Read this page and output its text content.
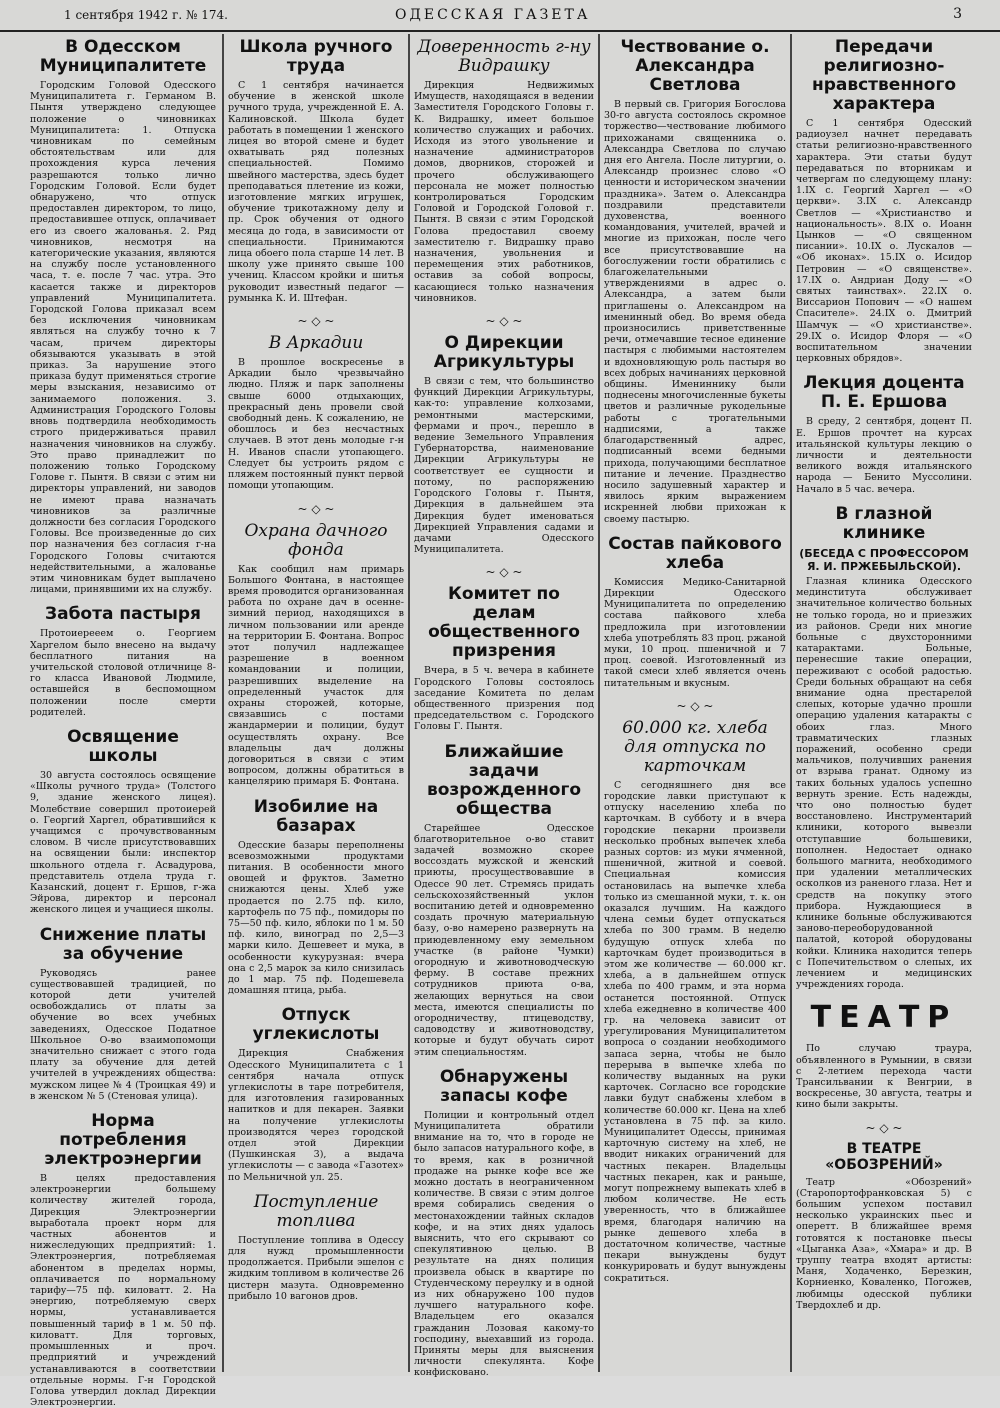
1 сентября 1942 г. № 174.	ОДЕССКАЯ ГАЗЕТА	3
В Одесском Муниципалитете

Городским Головой Одесского Муниципалитета г. Германом В. Пынтя утверждено следующее положение о чиновниках Муниципалитета: 1. Отпуска чиновникам по семейным обстоятельствам или для прохождения курса лечения разрешаются только лично Городским Головой. Если будет обнаружено, что отпуск предоставлен директором, то лицо, предоставившее отпуск, оплачивает его из своего жалованья. 2. Ряд чиновников, несмотря на категорические указания, являются на службу после установленного часа, т. е. после 7 час. утра. Это касается также и директоров управлений Муниципалитета. Городской Голова приказал всем без исключения чиновникам являться на службу точно к 7 часам, причем директоры обязываются указывать в этой приказ. За нарушение этого приказа будут применяться строгие меры взыскания, независимо от занимаемого положения. 3. Администрация Городского Головы вновь подтвердила необходимость строго придерживаться правил назначения чиновников на службу. Это право принадлежит по положению только Городскому Голове г. Пынтя. В связи с этим ни директоры управлений, ни заводов не имеют права назначать чиновников за различные должности без согласия Городского Головы. Все произведенные до сих пор назначения без согласия г-на Городского Головы считаются недействительными, а жалованье этим чиновникам будет выплачено лицами, принявшими их на службу.

Забота пастыря

Протоиерееем о. Георгием Харгелом было внесено на выдачу бесплатного питания на учительской столовой отличнице 8-го класса Ивановой Людмиле, оставшейся в беспомощном положении после смерти родителей.

Освящение школы

30 августа состоялось освящение «Школы ручного труда» (Толстого 9, здание женского лицея). Молебствие совершил протоиерей о. Георгий Харгел, обратившийся к учащимся с прочувствованным словом. В числе присутствовавших на освящении были: инспектор школьного отдела г. Асвадурова, представитель отдела труда г. Казанский, доцент г. Ершов, г-жа Эйрова, директор и персонал женского лицея и учащиеся школы.

Снижение платы за обучение

Руководясь ранее существовавшей традицией, по которой дети учителей освобождались от платы за обучение во всех учебных заведениях, Одесское Податное Школьное О-во взаимопомощи значительно снижает с этого года плату за обучение для детей учителей в учреждениях общества: мужском лицее № 4 (Троицкая 49) и в женском № 5 (Стеновая улица).

Норма потребления электроэнергии

В целях предоставления электроэнергии большему количеству жителей города, Дирекция Электроэнергии выработала проект норм для частных абонентов и нижеследующих предприятий: 1. Электроэнергия, потребляемая абонентом в пределах нормы, оплачивается по нормальному тарифу—75 пф. киловатт. 2. На энергию, потребляемую сверх нормы, устанавливается повышенный тариф в 1 м. 50 пф. киловатт. Для торговых, промышленных и проч. предприятий и учреждений устанавливаются в соответствии отдельные нормы. Г-н Городской Голова утвердил доклад Дирекции Электроэнергии.

Школа ручного труда

С 1 сентября начинается обучение в женской школе ручного труда, учрежденной Е. А. Калиновской. Школа будет работать в помещении 1 женского лицея во второй смене и будет охватывать ряд полезных специальностей. Помимо швейного мастерства, здесь будет преподаваться плетение из кожи, изготовление мягких игрушек, обучение трикотажному делу и пр. Срок обучения от одного месяца до года, в зависимости от специальности. Принимаются лица обоего пола старше 14 лет. В школу уже принято свыше 100 учениц. Классом кройки и шитья руководит известный педагог — румынка К. И. Штефан.

~ ◇ ~
В Аркадии

В прошлое воскресенье в Аркадии было чрезвычайно людно. Пляж и парк заполнены свыше 6000 отдыхающих, прекрасный день провели свой свободный день. К сожалению, не обошлось и без несчастных случаев. В этот день молодые г-н Н. Иванов спасли утопающего. Следует бы устроить рядом с пляжем постоянный пункт первой помощи утопающим.

~ ◇ ~
Охрана дачного фонда

Как сообщил нам примарь Большого Фонтана, в настоящее время проводится организованная работа по охране дач в осенне-зимний период, находящихся в личном пользовании или аренде на территории Б. Фонтана. Вопрос этот получил надлежащее разрешение в военном командовании и полиции, разрешивших выделение на определенный участок для охраны сторожей, которые, связавшись с постами жандармерии и полиции, будут осуществлять охрану. Все владельцы дач должны договориться в связи с этим вопросом, должны обратиться в канцелярию примаря Б. Фонтана.

Изобилие на базарах

Одесские базары переполнены всевозможными продуктами питания. В особенности много овощей и фруктов. Заметно снижаются цены. Хлеб уже продается по 2.75 пф. кило, картофель по 75 пф., помидоры по 75—50 пф. кило, яблоки по 1 м. 50 пф. кило, виноград по 2,5—3 марки кило. Дешевеет и мука, в особенности кукурузная: вчера она с 2,5 марок за кило снизилась до 1 мар. 75 пф. Подешевела домашняя птица, рыба.

Отпуск углекислоты

Дирекция Снабжения Одесского Муниципалитета с 1 сентября начала отпуск углекислоты в таре потребителя, для изготовления газированных напитков и для пекарен. Заявки на получение углекислоты производятся через городской отдел этой Дирекции (Пушкинская 3), а выдача углекислоты — с завода «Газотех» по Мельничной ул. 25.

Поступление топлива

Поступление топлива в Одессу для нужд промышленности продолжается. Прибыли эшелон с жидким топливом в количестве 26 цистерн мазута. Одновременно прибыло 10 вагонов дров.

Доверенность г-ну Видрашку

Дирекция Недвижимых Имуществ, находящаяся в ведении Заместителя Городского Головы г. К. Видрашку, имеет большое количество служащих и рабочих. Исходя из этого увольнение и назначение администраторов домов, дворников, сторожей и прочего обслуживающего персонала не может полностью контролироваться Городским Головой и Городской Головой г. Пынтя. В связи с этим Городской Голова предоставил своему заместителю г. Видрашку право назначения, увольнения и перемещения этих работников, оставив за собой вопросы, касающиеся только назначения чиновников.

~ ◇ ~
О Дирекции Агрикультуры

В связи с тем, что большинство функций Дирекции Агрикультуры, как-то: управление колхозами, ремонтными мастерскими, фермами и проч., перешло в ведение Земельного Управления Губернаторства, наименование Дирекции Агрикультуры не соответствует ее сущности и потому, по распоряжению Городского Головы г. Пынтя, Дирекция в дальнейшем эта Дирекция будет именоваться Дирекцией Управления садами и дачами Одесского Муниципалитета.

~ ◇ ~
Комитет по делам общественного призрения

Вчера, в 5 ч. вечера в кабинете Городского Головы состоялось заседание Комитета по делам общественного призрения под председательством с. Городского Головы Г. Пынтя.

Ближайшие задачи возрожденного общества

Старейшее Одесское благотворительное о-во ставит задачей возможно скорее воссоздать мужской и женский приюты, просуществовавшие в Одессе 90 лет. Стремясь придать сельскохозяйственный уклон воспитанию детей и одновременно создать прочную материальную базу, о-во намерено развернуть на приюдевленному ему земельном участке (в районе Чумки) огородную и животноводческую ферму. В составе прежних сотрудников приюта о-ва, желающих вернуться на свои места, имеются специалисты по огородничеству, птицеводству, садоводству и животноводству, которые и будут обучать сирот этим специальностям.

Обнаружены запасы кофе

Полиции и контрольный отдел Муниципалитета обратили внимание на то, что в городе не было запасов натурального кофе, в то время, как в розничной продаже на рынке кофе все же можно достать в неограниченном количестве. В связи с этим долгое время собирались сведения о местонахождении тайных складов кофе, и на этих днях удалось выяснить, что его скрывают со спекулятивною целью. В результате на днях полиция произвела обыск в квартире по Студенческому переулку и в одной из них обнаружено 100 пудов лучшего натурального кофе. Владельцем его оказался гражданин Лозовая какому-то господину, выехавший из города. Приняты меры для выяснения личности спекулянта. Кофе конфисковано.

Чествование о. Александра Светлова

В первый св. Григория Богослова 30-го августа состоялось скромное торжество—чествование любимого прихожанами священника о. Александра Светлова по случаю дня его Ангела. После литургии, о. Александр произнес слово «О ценности и историческом значении праздника». Затем о. Александра поздравили представители духовенства, военного командования, учителей, врачей и многие из прихожан, после чего все присутствовавшие на богослужении гости обратились с благожелательными утверждениями в адрес о. Александра, а затем были приглашены о. Александром на именинный обед. Во время обеда произносились приветственные речи, отмечавшие тесное единение пастыря с любимыми настоятелем и вдохновляющую роль пастыря во всех добрых начинаниях церковной общины. Имениннику были поднесены многочисленные букеты цветов и различные рукодельные работы с трогательными надписями, а также благодарственный адрес, подписанный всеми бедными прихода, получающими бесплатное питание и лечение. Празднество носило задушевный характер и явилось ярким выражением искренней любви прихожан к своему пастырю.

Состав пайкового хлеба

Комиссия Медико-Санитарной Дирекции Одесского Муниципалитета по определению состава пайкового хлеба предложила при изготовлении хлеба употреблять 83 проц. ржаной муки, 10 проц. пшеничной и 7 проц. соевой. Изготовленный из такой смеси хлеб является очень питательным и вкусным.

~ ◇ ~
60.000 кг. хлеба для отпуска по карточкам

С сегодняшнего дня все городские лавки приступают к отпуску населению хлеба по карточкам. В субботу и в вчера городские пекарни произвели несколько пробных выпечек хлеба разных сортов: из муки ячменной, пшеничной, житной и соевой. Специальная комиссия остановилась на выпечке хлеба только из смешанной муки, т. к. он оказался лучшим. На каждого члена семьи будет отпускаться хлеба по 300 грамм. В неделю будущую отпуск хлеба по карточкам будет производиться в этом же количестве — 60.000 кг. хлеба, а в дальнейшем отпуск хлеба по 400 грамм, и эта норма останется постоянной. Отпуск хлеба ежедневно в количестве 400 гр. на человека зависит от урегулирования Муниципалитетом вопроса о создании необходимого запаса зерна, чтобы не было перерыва в выпечке хлеба по количеству выданных на руки карточек. Согласно все городские лавки будут снабжены хлебом в количестве 60.000 кг. Цена на хлеб установлена в 75 пф. за кило. Муниципалитет Одессы, принимая карточную систему на хлеб, не вводит никаких ограничений для частных пекарен. Владельцы частных пекарен, как и раньше, могут попрежнему выпекать хлеб в любом количестве. Не есть уверенность, что в ближайшее время, благодаря наличию на рынке дешевого хлеба в достаточном количестве, частные пекари вынуждены будут конкурировать и будут вынуждены сократиться.

Передачи религиозно-нравственного характера

С 1 сентября Одесский радиоузел начнет передавать статьи религиозно-нравственного характера. Эти статьи будут передаваться по вторникам и четвергам по следующему плану: 1.IX с. Георгий Харгел — «О церкви». 3.IX с. Александр Светлов — «Христианство и национальность». 8.IX о. Иоанн Цынков — «О священном писании». 10.IX о. Лускалов — «Об иконах». 15.IX о. Исидор Петровин — «О священстве». 17.IX о. Андриан Доду — «О святых таинствах». 22.IX о. Виссарион Попович — «О нашем Спасителе». 24.IX о. Дмитрий Шамчук — «О христианстве». 29.IX о. Исидор Флоря — «О воспитательном значении церковных обрядов».

Лекция доцента П. Е. Ершова

В среду, 2 сентября, доцент П. Е. Ершов прочтет на курсах итальянской культуры лекцию о личности и деятельности великого вождя итальянского народа — Бенито Муссолини. Начало в 5 час. вечера.

В глазной клинике
(БЕСЕДА С ПРОФЕССОРОМ Я. И. ПРЖЕБЫЛЬСКОЙ).

Глазная клиника Одесского мединститута обслуживает значительное количество больных не только города, но и приезжих из районов. Среди них многие больные с двухсторонними катарактами. Больные, перенесшие такие операции, переживают с особой радостью. Среди больных обращают на себя внимание одна престарелой слепых, которые удачно прошли операцию удаления катаракты с обоих глаз. Много травматических глазных поражений, особенно среди мальчиков, получивших ранения от взрыва гранат. Одному из таких больных удалось успешно вернуть зрение. Есть надежды, что оно полностью будет восстановлено. Инструментарий клиники, которого вывезли отступавшие большевики, пополнен. Недостает однако большого магнита, необходимого при удалении металлических осколков из раненого глаза. Нет и средств на покупку этого прибора. Нуждающиеся в клинике больные обслуживаются заново-переоборудованной палатой, которой оборудованы койки. Клиника находится теперь с Попечительством о слепых, их лечением и медицинских учреждениях города.

ТЕАТР

По случаю траура, объявленного в Румынии, в связи с 2-летием перехода части Трансильвании к Венгрии, в воскресенье, 30 августа, театры и кино были закрыты.

~ ◇ ~
В ТЕАТРЕ «ОБОЗРЕНИЙ»

Театр «Обозрений» (Старопортофранковская 5) с большим успехом поставил несколько украинских пьес и оперетт. В ближайшее время готовятся к постановке пьесы «Цыганка Аза», «Хмара» и др. В труппу театра входят артисты: Маня, Ходаченко, Березкин, Корниенко, Коваленко, Погожев, любимцы одесской публики Твердохлеб и др.
